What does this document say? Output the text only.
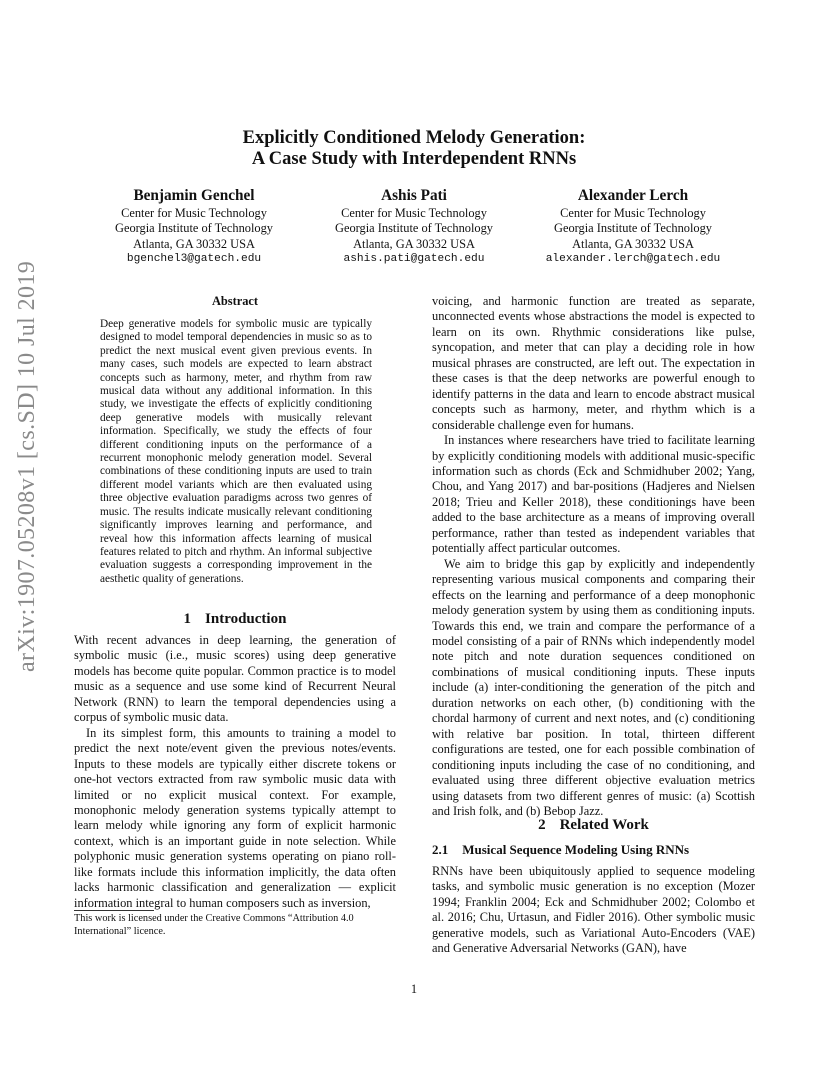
Explicitly Conditioned Melody Generation:
A Case Study with Interdependent RNNs
Benjamin Genchel
Center for Music Technology
Georgia Institute of Technology
Atlanta, GA 30332 USA
bgenchel3@gatech.edu
Ashis Pati
Center for Music Technology
Georgia Institute of Technology
Atlanta, GA 30332 USA
ashis.pati@gatech.edu
Alexander Lerch
Center for Music Technology
Georgia Institute of Technology
Atlanta, GA 30332 USA
alexander.lerch@gatech.edu
arXiv:1907.05208v1 [cs.SD] 10 Jul 2019	Abstract
Deep generative models for symbolic music are typically designed to model temporal dependencies in music so as to predict the next musical event given previous events. In many cases, such models are expected to learn abstract concepts such as harmony, meter, and rhythm from raw musical data without any additional information. In this study, we investigate the effects of explicitly conditioning deep generative models with musically relevant information. Specifically, we study the effects of four different conditioning inputs on the performance of a recurrent monophonic melody generation model. Several combinations of these conditioning inputs are used to train different model variants which are then evaluated using three objective evaluation paradigms across two genres of music. The results indicate musically relevant conditioning significantly improves learning and performance, and reveal how this information affects learning of musical features related to pitch and rhythm. An informal subjective evaluation suggests a corresponding improvement in the aesthetic quality of generations.
1 Introduction

With recent advances in deep learning, the generation of symbolic music (i.e., music scores) using deep generative models has become quite popular. Common practice is to model music as a sequence and use some kind of Recurrent Neural Network (RNN) to learn the temporal dependencies using a corpus of symbolic music data.

In its simplest form, this amounts to training a model to predict the next note/event given the previous notes/events. Inputs to these models are typically either discrete tokens or one-hot vectors extracted from raw symbolic music data with limited or no explicit musical context. For example, monophonic melody generation systems typically attempt to learn melody while ignoring any form of explicit harmonic context, which is an important guide in note selection. While polyphonic music generation systems operating on piano roll-like formats include this information implicitly, the data often lacks harmonic classification and generalization — explicit information integral to human composers such as inversion,

This work is licensed under the Creative Commons “Attribution 4.0 International” licence.

voicing, and harmonic function are treated as separate, unconnected events whose abstractions the model is expected to learn on its own. Rhythmic considerations like pulse, syncopation, and meter that can play a deciding role in how musical phrases are constructed, are left out. The expectation in these cases is that the deep networks are powerful enough to identify patterns in the data and learn to encode abstract musical concepts such as harmony, meter, and rhythm which is a considerable challenge even for humans.

In instances where researchers have tried to facilitate learning by explicitly conditioning models with additional music-specific information such as chords (Eck and Schmidhuber 2002; Yang, Chou, and Yang 2017) and bar-positions (Hadjeres and Nielsen 2018; Trieu and Keller 2018), these conditionings have been added to the base architecture as a means of improving overall performance, rather than tested as independent variables that potentially affect particular outcomes.

We aim to bridge this gap by explicitly and independently representing various musical components and comparing their effects on the learning and performance of a deep monophonic melody generation system by using them as conditioning inputs. Towards this end, we train and compare the performance of a model consisting of a pair of RNNs which independently model note pitch and note duration sequences conditioned on combinations of musical conditioning inputs. These inputs include (a) inter-conditioning the generation of the pitch and duration networks on each other, (b) conditioning with the chordal harmony of current and next notes, and (c) conditioning with relative bar position. In total, thirteen different configurations are tested, one for each possible combination of conditioning inputs including the case of no conditioning, and evaluated using three different objective evaluation metrics using datasets from two different genres of music: (a) Scottish and Irish folk, and (b) Bebop Jazz.

2 Related Work
2.1 Musical Sequence Modeling Using RNNs

RNNs have been ubiquitously applied to sequence modeling tasks, and symbolic music generation is no exception (Mozer 1994; Franklin 2004; Eck and Schmidhuber 2002; Colombo et al. 2016; Chu, Urtasun, and Fidler 2016). Other symbolic music generative models, such as Variational Auto-Encoders (VAE) and Generative Adversarial Networks (GAN), have

1
